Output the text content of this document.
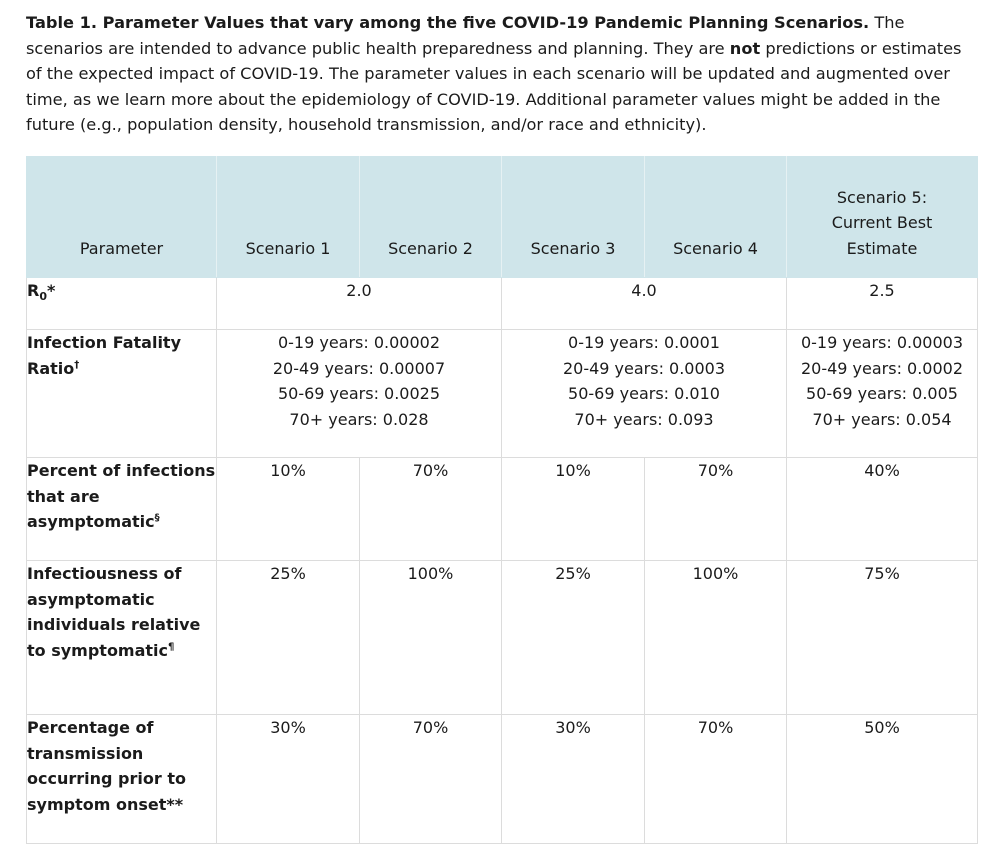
Table 1. Parameter Values that vary among the five COVID-19 Pandemic Planning Scenarios. The scenarios are intended to advance public health preparedness and planning. They are not predictions or estimates of the expected impact of COVID-19. The parameter values in each scenario will be updated and augmented over time, as we learn more about the epidemiology of COVID-19. Additional parameter values might be added in the future (e.g., population density, household transmission, and/or race and ethnicity).

Parameter	Scenario 1	Scenario 2	Scenario 3	Scenario 4	Scenario 5:
Current Best
Estimate

$R_0*$	2.0		4.0		2.5

Infection Fatality
Ratio†	0-19 years: 0.00002
20-49 years: 0.00007
50-69 years: 0.0025
70+ years: 0.028		0-19 years: 0.0001
20-49 years: 0.0003
50-69 years: 0.010
70+ years: 0.093		0-19 years: 0.00003
20-49 years: 0.0002
50-69 years: 0.005
70+ years: 0.054

Percent of infections that are asymptomatic§	10%	70%	10%	70%	40%
Infectiousness of asymptomatic individuals relative to symptomatic¶	25%	100%	25%	100%	75%
Percentage of transmission occurring prior to symptom onset**	30%	70%	30%	70%	50%
